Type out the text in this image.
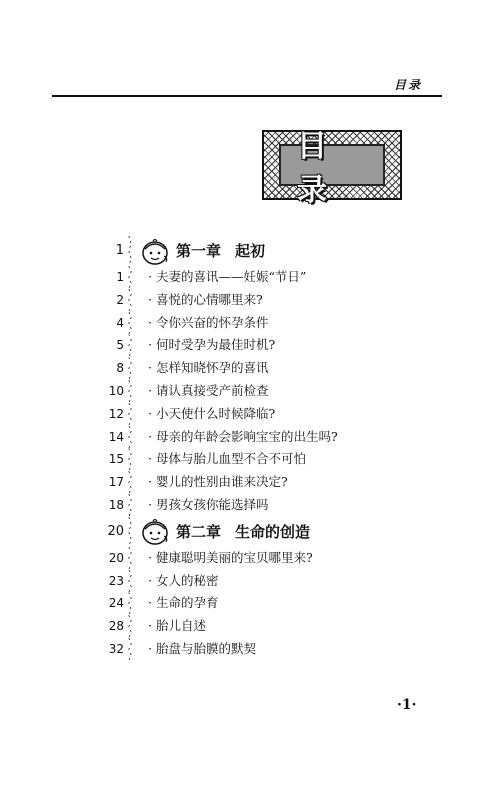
目录
目录
1	第一章 起初
1 · 夫妻的喜讯——妊娠“节日”
2 · 喜悦的心情哪里来?
4 · 令你兴奋的怀孕条件
5 · 何时受孕为最佳时机?
8 · 怎样知晓怀孕的喜讯
10 · 请认真接受产前检查
12 · 小天使什么时候降临?
14 · 母亲的年龄会影响宝宝的出生吗?
15 · 母体与胎儿血型不合不可怕
17 · 婴儿的性别由谁来决定?
18 · 男孩女孩你能选择吗
20	第二章 生命的创造
20 · 健康聪明美丽的宝贝哪里来?
23 · 女人的秘密
24 · 生命的孕育
28 · 胎儿自述
32 · 胎盘与胎膜的默契
·1·
